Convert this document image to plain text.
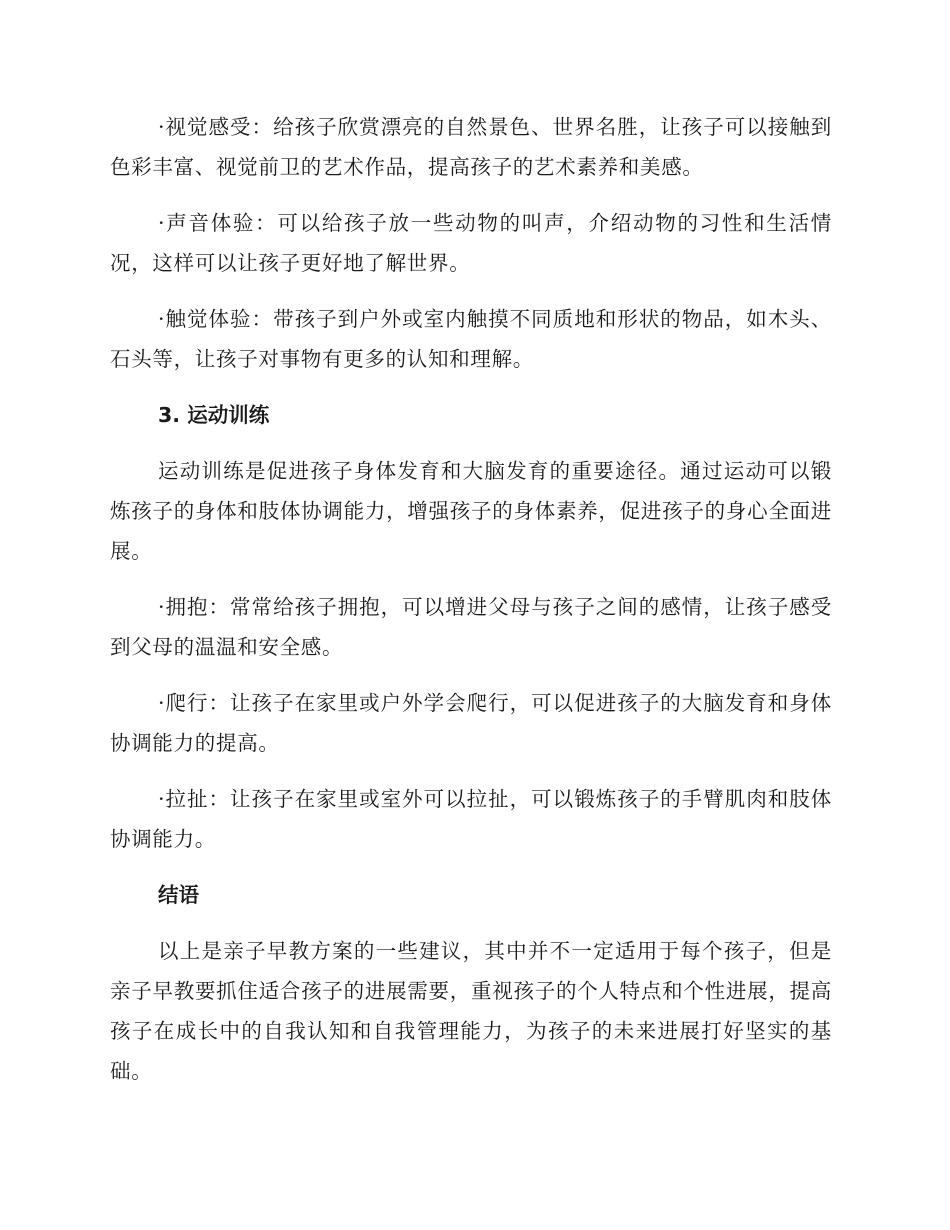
·视觉感受：给孩子欣赏漂亮的自然景色、世界名胜，让孩子可以接触到色彩丰富、视觉前卫的艺术作品，提高孩子的艺术素养和美感。

·声音体验：可以给孩子放一些动物的叫声，介绍动物的习性和生活情况，这样可以让孩子更好地了解世界。

·触觉体验：带孩子到户外或室内触摸不同质地和形状的物品，如木头、石头等，让孩子对事物有更多的认知和理解。

3. 运动训练

运动训练是促进孩子身体发育和大脑发育的重要途径。通过运动可以锻炼孩子的身体和肢体协调能力，增强孩子的身体素养，促进孩子的身心全面进展。

·拥抱：常常给孩子拥抱，可以增进父母与孩子之间的感情，让孩子感受到父母的温温和安全感。

·爬行：让孩子在家里或户外学会爬行，可以促进孩子的大脑发育和身体协调能力的提高。

·拉扯：让孩子在家里或室外可以拉扯，可以锻炼孩子的手臂肌肉和肢体协调能力。

结语

以上是亲子早教方案的一些建议，其中并不一定适用于每个孩子，但是亲子早教要抓住适合孩子的进展需要，重视孩子的个人特点和个性进展，提高孩子在成长中的自我认知和自我管理能力，为孩子的未来进展打好坚实的基础。
